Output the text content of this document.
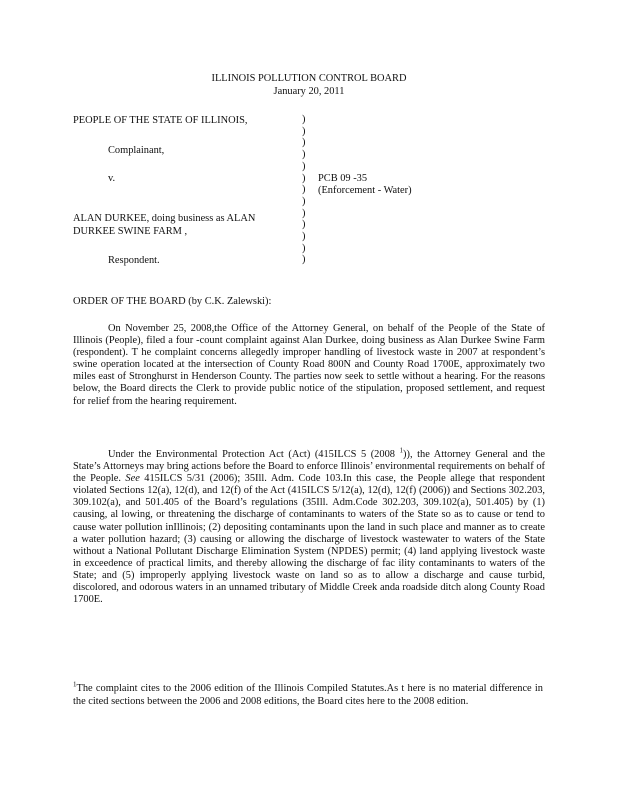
ILLINOIS POLLUTION CONTROL BOARD
January 20, 2011
PEOPLE OF THE STATE OF ILLINOIS,
Complainant,
v.	PCB 09 -35
(Enforcement - Water)
ALAN DURKEE, doing business as ALAN
DURKEE SWINE FARM ,
Respondent.
)
)
)
)
)
)
)
)
)
)
)
)
)
ORDER OF THE BOARD (by C.K. Zalewski):

On November 25, 2008,the Office of the Attorney General, on behalf of the People of the State of Illinois (People), filed a four -count complaint against Alan Durkee, doing business as Alan Durkee Swine Farm (respondent). T he complaint concerns allegedly improper handling of livestock waste in 2007 at respondent’s swine operation located at the intersection of County Road 800N and County Road 1700E, approximately two miles east of Stronghurst in Henderson County. The parties now seek to settle without a hearing. For the reasons below, the Board directs the Clerk to provide public notice of the stipulation, proposed settlement, and request for relief from the hearing requirement.

Under the Environmental Protection Act (Act) (415ILCS 5 (2008 $^1$)), the Attorney General and the State’s Attorneys may bring actions before the Board to enforce Illinois’ environmental requirements on behalf of the People. See 415ILCS 5/31 (2006); 35Ill. Adm. Code 103.In this case, the People allege that respondent violated Sections 12(a), 12(d), and 12(f) of the Act (415ILCS 5/12(a), 12(d), 12(f) (2006)) and Sections 302.203, 309.102(a), and 501.405 of the Board’s regulations (35Ill. Adm.Code 302.203, 309.102(a), 501.405) by (1) causing, al lowing, or threatening the discharge of contaminants to waters of the State so as to cause or tend to cause water pollution inIllinois; (2) depositing contaminants upon the land in such place and manner as to create a water pollution hazard; (3) causing or allowing the discharge of livestock wastewater to waters of the State without a National Pollutant Discharge Elimination System (NPDES) permit; (4) land applying livestock waste in exceedence of practical limits, and thereby allowing the discharge of fac ility contaminants to waters of the State; and (5) improperly applying livestock waste on land so as to allow a discharge and cause turbid, discolored, and odorous waters in an unnamed tributary of Middle Creek anda roadside ditch along County Road 1700E.

$^1$The complaint cites to the 2006 edition of the Illinois Compiled Statutes.As t here is no material difference in the cited sections between the 2006 and 2008 editions, the Board cites here to the 2008 edition.
